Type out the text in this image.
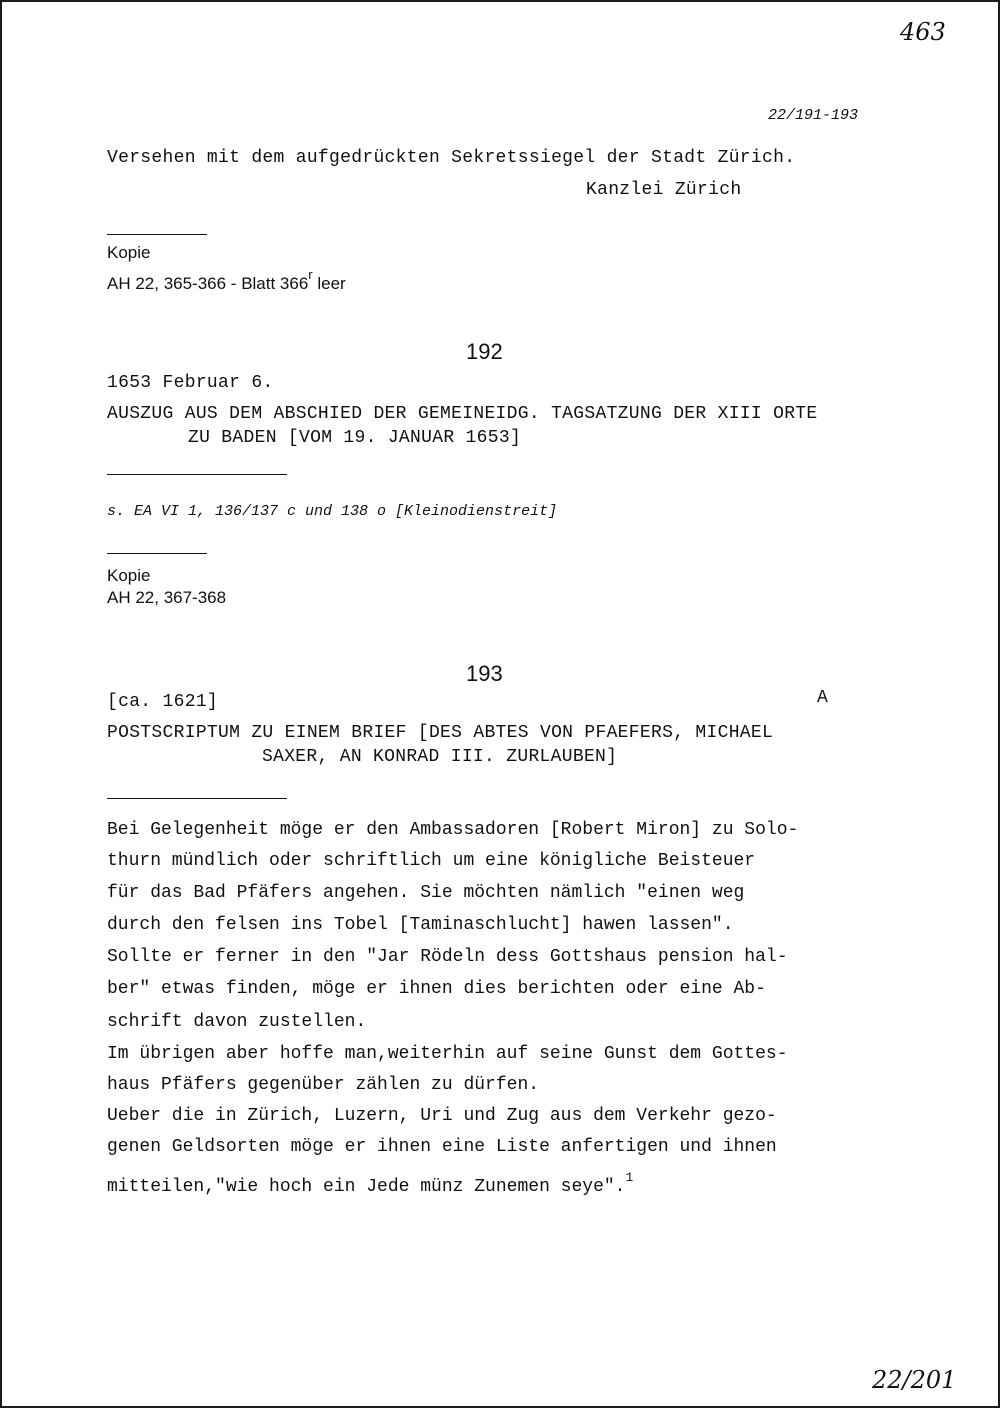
463
22/201
22/191-193
Versehen mit dem aufgedrückten Sekretssiegel der Stadt Zürich.
Kanzlei Zürich
Kopie
AH 22, 365-366 - Blatt 366$^r$ leer
192
1653 Februar 6.
AUSZUG AUS DEM ABSCHIED DER GEMEINEIDG. TAGSATZUNG DER XIII ORTE
ZU BADEN [VOM 19. JANUAR 1653]
s. EA VI 1, 136/137 c und 138 o [Kleinodienstreit]
Kopie
AH 22, 367-368
193
[ca. 1621]	A
POSTSCRIPTUM ZU EINEM BRIEF [DES ABTES VON PFAEFERS, MICHAEL
SAXER, AN KONRAD III. ZURLAUBEN]
Bei Gelegenheit möge er den Ambassadoren [Robert Miron] zu Solo-
thurn mündlich oder schriftlich um eine königliche Beisteuer
für das Bad Pfäfers angehen. Sie möchten nämlich "einen weg
durch den felsen ins Tobel [Taminaschlucht] hawen lassen".
Sollte er ferner in den "Jar Rödeln dess Gottshaus pension hal-
ber" etwas finden, möge er ihnen dies berichten oder eine Ab-
schrift davon zustellen.
Im übrigen aber hoffe man,weiterhin auf seine Gunst dem Gottes-
haus Pfäfers gegenüber zählen zu dürfen.
Ueber die in Zürich, Luzern, Uri und Zug aus dem Verkehr gezo-
genen Geldsorten möge er ihnen eine Liste anfertigen und ihnen
mitteilen,"wie hoch ein Jede münz Zunemen seye".$^1$
